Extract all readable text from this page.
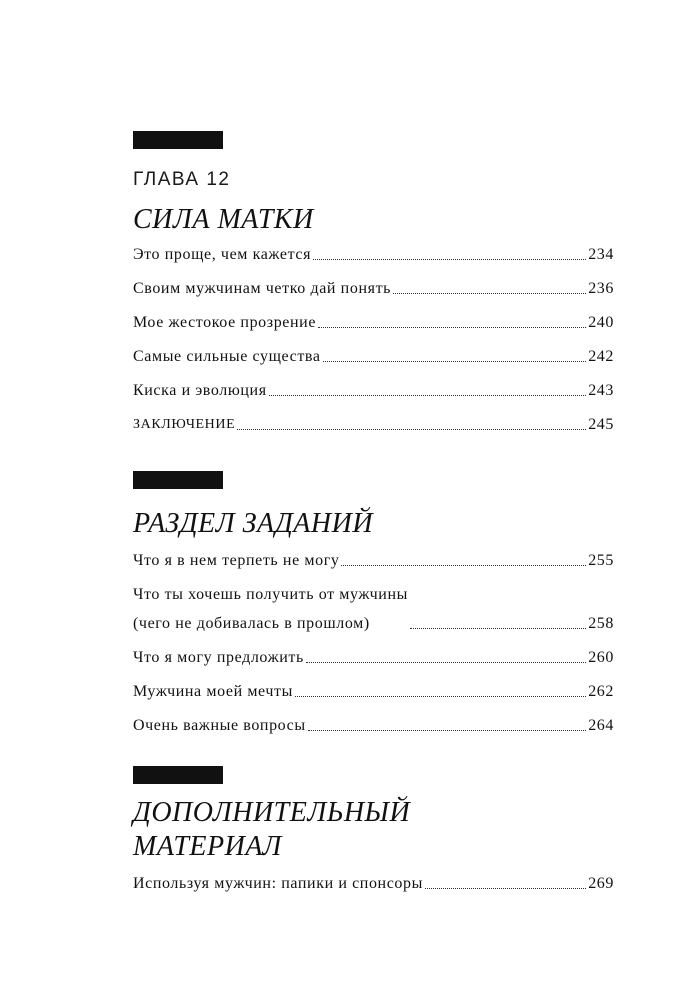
ГЛАВА 12
СИЛА МАТКИ
Это проще, чем кажется	234
Своим мужчинам четко дай понять	236
Мое жестокое прозрение	240
Самые сильные существа	242
Киска и эволюция	243
ЗАКЛЮЧЕНИЕ	245
РАЗДЕЛ ЗАДАНИЙ
Что я в нем терпеть не могу	255
Что ты хочешь получить от мужчины
(чего не добивалась в прошлом)	258
Что я могу предложить	260
Мужчина моей мечты	262
Очень важные вопросы	264
ДОПОЛНИТЕЛЬНЫЙ
МАТЕРИАЛ
Используя мужчин: папики и спонсоры	269
